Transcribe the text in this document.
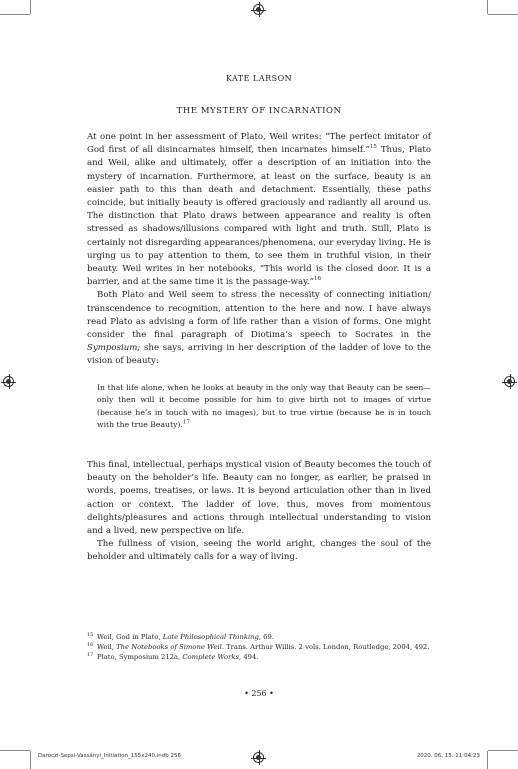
KATE LARSON
THE MYSTERY OF INCARNATION

At one point in her assessment of Plato, Weil writes: “The perfect imitator of God first of all disincarnates himself, then incarnates himself.”$^{15}$ Thus, Plato and Weil, alike and ultimately, offer a description of an initiation into the mystery of incarnation. Furthermore, at least on the surface, beauty is an easier path to this than death and detachment. Essentially, these paths coincide, but initially beauty is offered graciously and radiantly all around us. The distinction that Plato draws between appearance and reality is often stressed as shadows/illusions compared with light and truth. Still, Plato is certainly not disregarding appearances/phenomena, our everyday living. He is urging us to pay attention to them, to see them in truthful vision, in their beauty. Weil writes in her notebooks, “This world is the closed door. It is a barrier, and at the same time it is the passage-way.”$^{16}$

Both Plato and Weil seem to stress the necessity of connecting initiation/ transcendence to recognition, attention to the here and now. I have always read Plato as advising a form of life rather than a vision of forms. One might consider the final paragraph of Diotima’s speech to Socrates in the Symposium; she says, arriving in her description of the ladder of love to the vision of beauty:

In that life alone, when he looks at beauty in the only way that Beauty can be seen—only then will it become possible for him to give birth not to images of virtue (because he’s in touch with no images), but to true virtue (because he is in touch with the true Beauty).$^{17}$

This final, intellectual, perhaps mystical vision of Beauty becomes the touch of beauty on the beholder’s life. Beauty can no longer, as earlier, be praised in words, poems, treatises, or laws. It is beyond articulation other than in lived action or context. The ladder of love, thus, moves from momentous delights/pleasures and actions through intellectual understanding to vision and a lived, new perspective on life.

The fullness of vision, seeing the world aright, changes the soul of the beholder and ultimately calls for a way of living.

15 Weil, God in Plato, Late Philosophical Thinking, 69.
16 Weil, The Notebooks of Simone Weil. Trans. Arthur Willis. 2 vols. London, Routledge, 2004, 492.
17 Plato, Symposium 212a, Complete Works, 494.
• 256 •
Daróczi-Sepsi-Vassányi_Initiation_155x240.indb 256	2020. 06. 15. 11:04:23
